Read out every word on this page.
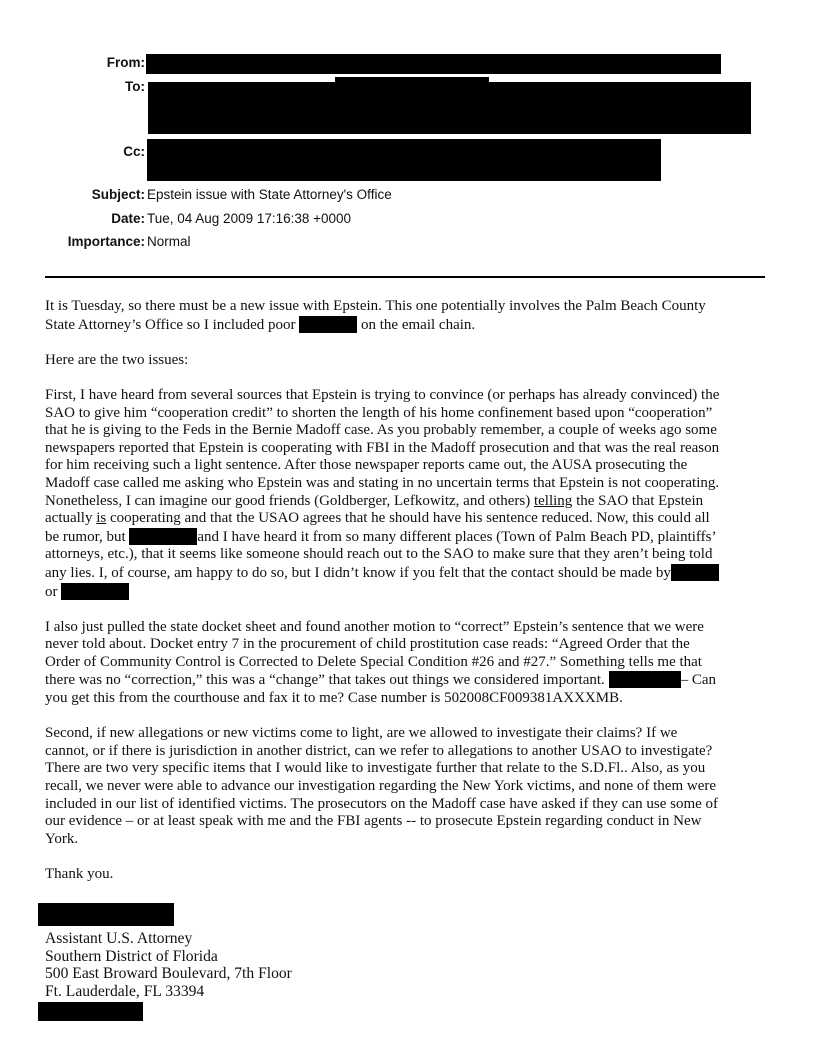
From:
To:
Cc:
Subject: Epstein issue with State Attorney's Office
Date: Tue, 04 Aug 2009 17:16:38 +0000
Importance: Normal
It is Tuesday, so there must be a new issue with Epstein. This one potentially involves the Palm Beach County
State Attorney’s Office so I included poor	on the email chain.
Here are the two issues:
First, I have heard from several sources that Epstein is trying to convince (or perhaps has already convinced) the
SAO to give him “cooperation credit” to shorten the length of his home confinement based upon “cooperation”
that he is giving to the Feds in the Bernie Madoff case. As you probably remember, a couple of weeks ago some
newspapers reported that Epstein is cooperating with FBI in the Madoff prosecution and that was the real reason
for him receiving such a light sentence. After those newspaper reports came out, the AUSA prosecuting the
Madoff case called me asking who Epstein was and stating in no uncertain terms that Epstein is not cooperating.
Nonetheless, I can imagine our good friends (Goldberger, Lefkowitz, and others) telling the SAO that Epstein
actually is cooperating and that the USAO agrees that he should have his sentence reduced. Now, this could all
be rumor, but	and I have heard it from so many different places (Town of Palm Beach PD, plaintiffs’
attorneys, etc.), that it seems like someone should reach out to the SAO to make sure that they aren’t being told
any lies. I, of course, am happy to do so, but I didn’t know if you felt that the contact should be made by
or
I also just pulled the state docket sheet and found another motion to “correct” Epstein’s sentence that we were
never told about. Docket entry 7 in the procurement of child prostitution case reads: “Agreed Order that the
Order of Community Control is Corrected to Delete Special Condition #26 and #27.” Something tells me that
there was no “correction,” this was a “change” that takes out things we considered important.	– Can
you get this from the courthouse and fax it to me? Case number is 502008CF009381AXXXMB.
Second, if new allegations or new victims come to light, are we allowed to investigate their claims? If we
cannot, or if there is jurisdiction in another district, can we refer to allegations to another USAO to investigate?
There are two very specific items that I would like to investigate further that relate to the S.D.Fl.. Also, as you
recall, we never were able to advance our investigation regarding the New York victims, and none of them were
included in our list of identified victims. The prosecutors on the Madoff case have asked if they can use some of
our evidence – or at least speak with me and the FBI agents -- to prosecute Epstein regarding conduct in New
York.
Thank you.
Assistant U.S. Attorney
Southern District of Florida
500 East Broward Boulevard, 7th Floor
Ft. Lauderdale, FL 33394
